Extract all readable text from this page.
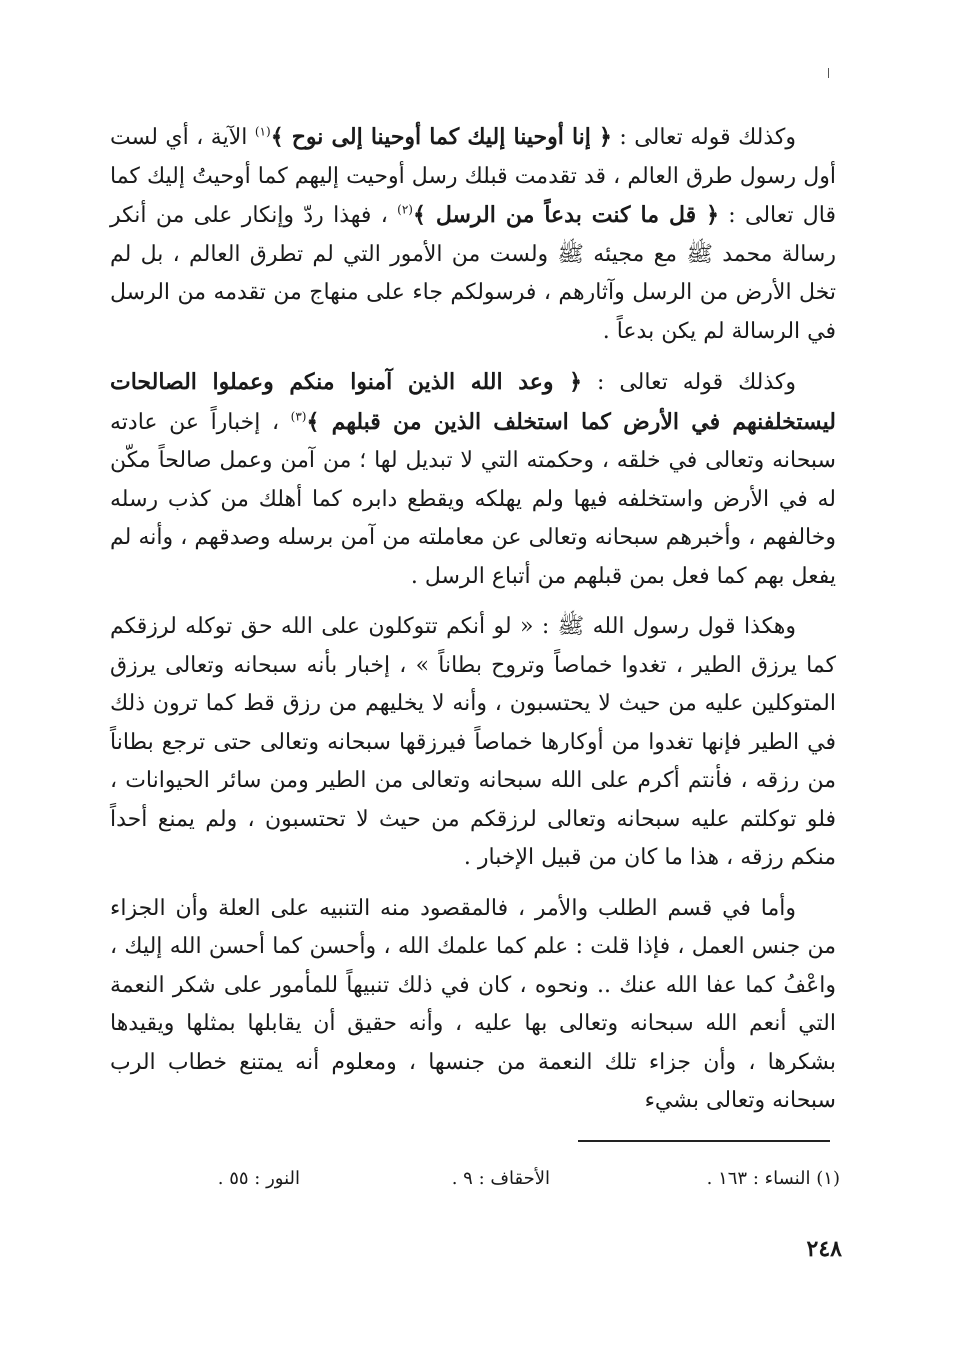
وكذلك قوله تعالى : ﴿ إنا أوحينا إليك كما أوحينا إلى نوح ﴾$^{(١)}$ الآية ، أي لست أول رسول طرق العالم ، قد تقدمت قبلك رسل أوحيت إليهم كما أوحيتُ إليك كما قال تعالى : ﴿ قل ما كنت بدعاً من الرسل ﴾$^{(٢)}$ ، فهذا ردّ وإنكار على من أنكر رسالة محمد ﷺ مع مجيئه ﷺ ولست من الأمور التي لم تطرق العالم ، بل لم تخل الأرض من الرسل وآثارهم ، فرسولكم جاء على منهاج من تقدمه من الرسل في الرسالة لم يكن بدعاً .

وكذلك قوله تعالى : ﴿ وعد الله الذين آمنوا منكم وعملوا الصالحات ليستخلفنهم في الأرض كما استخلف الذين من قبلهم ﴾$^{(٣)}$ ، إخباراً عن عادته سبحانه وتعالى في خلقه ، وحكمته التي لا تبديل لها ؛ من آمن وعمل صالحاً مكّن له في الأرض واستخلفه فيها ولم يهلكه ويقطع دابره كما أهلك من كذب رسله وخالفهم ، وأخبرهم سبحانه وتعالى عن معاملته من آمن برسله وصدقهم ، وأنه لم يفعل بهم كما فعل بمن قبلهم من أتباع الرسل .

وهكذا قول رسول الله ﷺ : « لو أنكم تتوكلون على الله حق توكله لرزقكم كما يرزق الطير ، تغدوا خماصاً وتروح بطاناً » ، إخبار بأنه سبحانه وتعالى يرزق المتوكلين عليه من حيث لا يحتسبون ، وأنه لا يخليهم من رزق قط كما ترون ذلك في الطير فإنها تغدوا من أوكارها خماصاً فيرزقها سبحانه وتعالى حتى ترجع بطاناً من رزقه ، فأنتم أكرم على الله سبحانه وتعالى من الطير ومن سائر الحيوانات ، فلو توكلتم عليه سبحانه وتعالى لرزقكم من حيث لا تحتسبون ، ولم يمنع أحداً منكم رزقه ، هذا ما كان من قبيل الإخبار .

وأما في قسم الطلب والأمر ، فالمقصود منه التنبيه على العلة وأن الجزاء من جنس العمل ، فإذا قلت : علم كما علمك الله ، وأحسن كما أحسن الله إليك ، واعْفُ كما عفا الله عنك .. ونحوه ، كان في ذلك تنبيهاً للمأمور على شكر النعمة التي أنعم الله سبحانه وتعالى بها عليه ، وأنه حقيق أن يقابلها بمثلها ويقيدها بشكرها ، وأن جزاء تلك النعمة من جنسها ، ومعلوم أنه يمتنع خطاب الرب سبحانه وتعالى بشيء

(١) النساء : ١٦٣ .
الأحقاف : ٩ .
النور : ٥٥ .
٢٤٨
